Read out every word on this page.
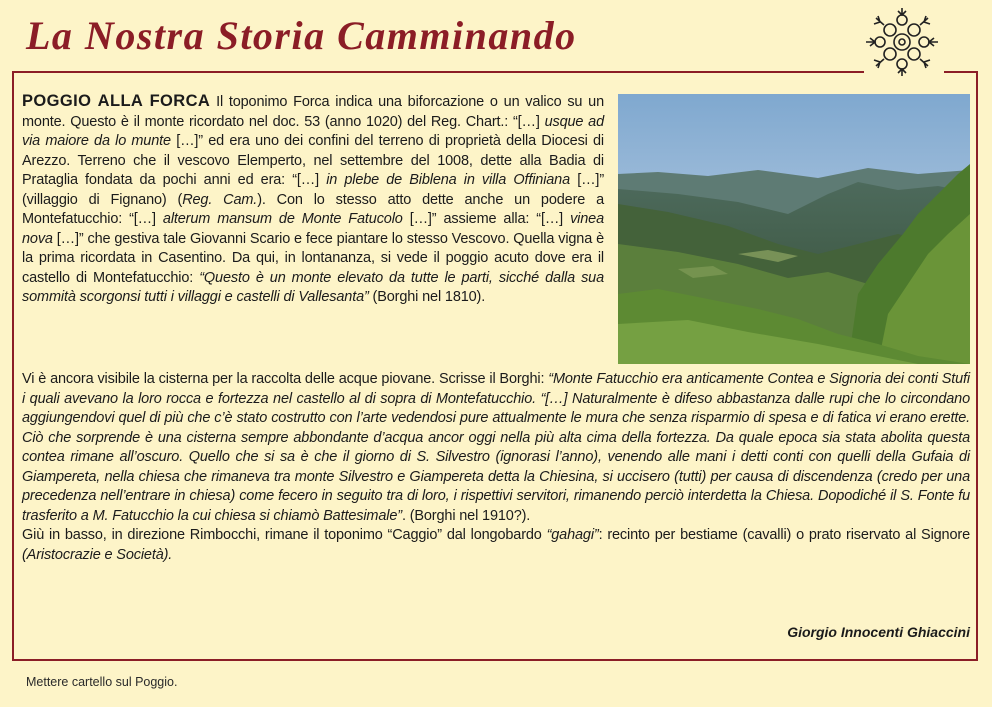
La Nostra Storia Camminando

POGGIO ALLA FORCA Il toponimo Forca indica una biforcazione o un valico su un monte. Questo è il monte ricordato nel doc. 53 (anno 1020) del Reg. Chart.: “[…] usque ad via maiore da lo munte […]” ed era uno dei confini del terreno di proprietà della Diocesi di Arezzo. Terreno che il vescovo Elemperto, nel settembre del 1008, dette alla Badia di Prataglia fondata da pochi anni ed era: “[…] in plebe de Biblena in villa Offiniana […]” (villaggio di Fignano) (Reg. Cam.). Con lo stesso atto dette anche un podere a Montefatucchio: “[…] alterum mansum de Monte Fatucolo […]” assieme alla: “[…] vinea nova […]” che gestiva tale Giovanni Scario e fece piantare lo stesso Vescovo. Quella vigna è la prima ricordata in Casentino. Da qui, in lontananza, si vede il poggio acuto dove era il castello di Montefatucchio: “Questo è un monte elevato da tutte le parti, sicché dalla sua sommità scorgonsi tutti i villaggi e castelli di Vallesanta” (Borghi nel 1810).

Vi è ancora visibile la cisterna per la raccolta delle acque piovane. Scrisse il Borghi: “Monte Fatucchio era anticamente Contea e Signoria dei conti Stufi i quali avevano la loro rocca e fortezza nel castello al di sopra di Montefatucchio. “[…] Naturalmente è difeso abbastanza dalle rupi che lo circondano aggiungendovi quel di più che c’è stato costrutto con l’arte vedendosi pure attualmente le mura che senza risparmio di spesa e di fatica vi erano erette. Ciò che sorprende è una cisterna sempre abbondante d’acqua ancor oggi nella più alta cima della fortezza. Da quale epoca sia stata abolita questa contea rimane all’oscuro. Quello che si sa è che il giorno di S. Silvestro (ignorasi l’anno), venendo alle mani i detti conti con quelli della Gufaia di Giampereta, nella chiesa che rimaneva tra monte Silvestro e Giampereta detta la Chiesina, si uccisero (tutti) per causa di discendenza (credo per una precedenza nell’entrare in chiesa) come fecero in seguito tra di loro, i rispettivi servitori, rimanendo perciò interdetta la Chiesa. Dopodiché il S. Fonte fu trasferito a M. Fatucchio la cui chiesa si chiamò Battesimale”. (Borghi nel 1910?).

Giù in basso, in direzione Rimbocchi, rimane il toponimo “Caggio” dal longobardo “gahagi”: recinto per bestiame (cavalli) o prato riservato al Signore (Aristocrazie e Società).

Giorgio Innocenti Ghiaccini
Mettere cartello sul Poggio.
